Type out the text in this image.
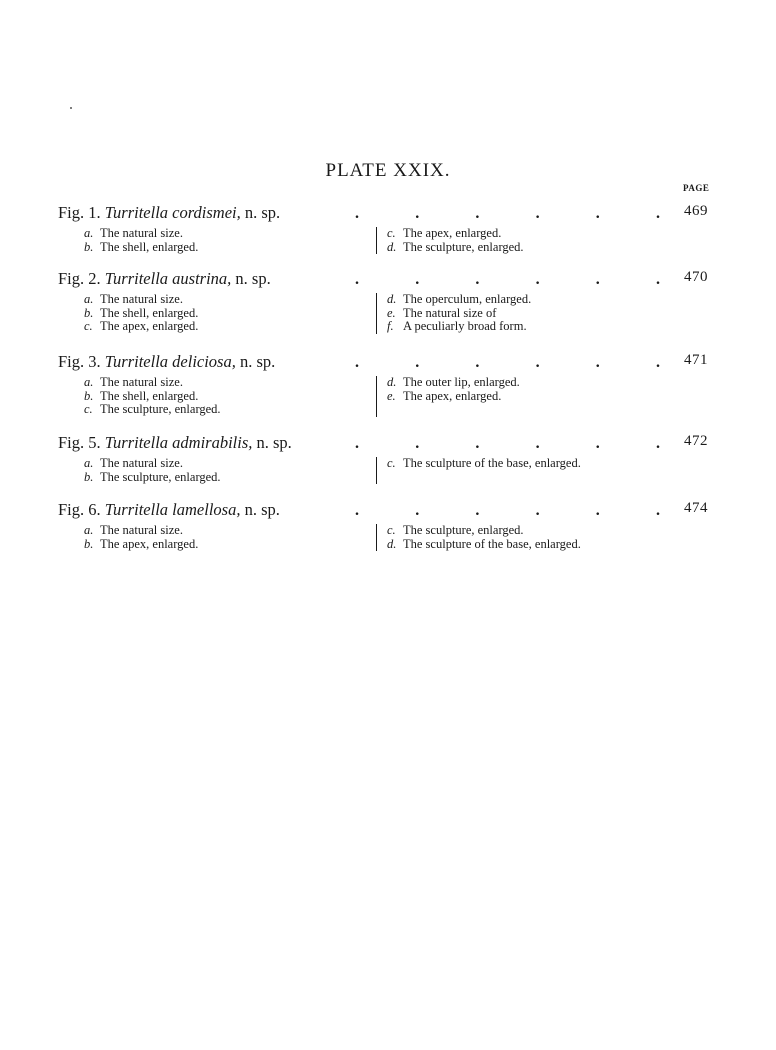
PLATE XXIX.
PAGE
Fig. 1. Turritella cordismei, n. sp.	.	.	.	.	.	. 469
a. The natural size.
b. The shell, enlarged.
c. The apex, enlarged.
d. The sculpture, enlarged.
Fig. 2. Turritella austrina, n. sp.	.	.	.	.	.	. 470
a. The natural size.
b. The shell, enlarged.
c. The apex, enlarged.
d. The operculum, enlarged.
e. The natural size of
f. A peculiarly broad form.
Fig. 3. Turritella deliciosa, n. sp.	.	.	.	.	.	. 471
a. The natural size.
b. The shell, enlarged.
c. The sculpture, enlarged.
d. The outer lip, enlarged.
e. The apex, enlarged.
Fig. 5. Turritella admirabilis, n. sp.	.	.	.	.	.	. 472
a. The natural size.
b. The sculpture, enlarged.
c. The sculpture of the base, enlarged.
Fig. 6. Turritella lamellosa, n. sp.	.	.	.	.	.	. 474
a. The natural size.
b. The apex, enlarged.
c. The sculpture, enlarged.
d. The sculpture of the base, enlarged.
